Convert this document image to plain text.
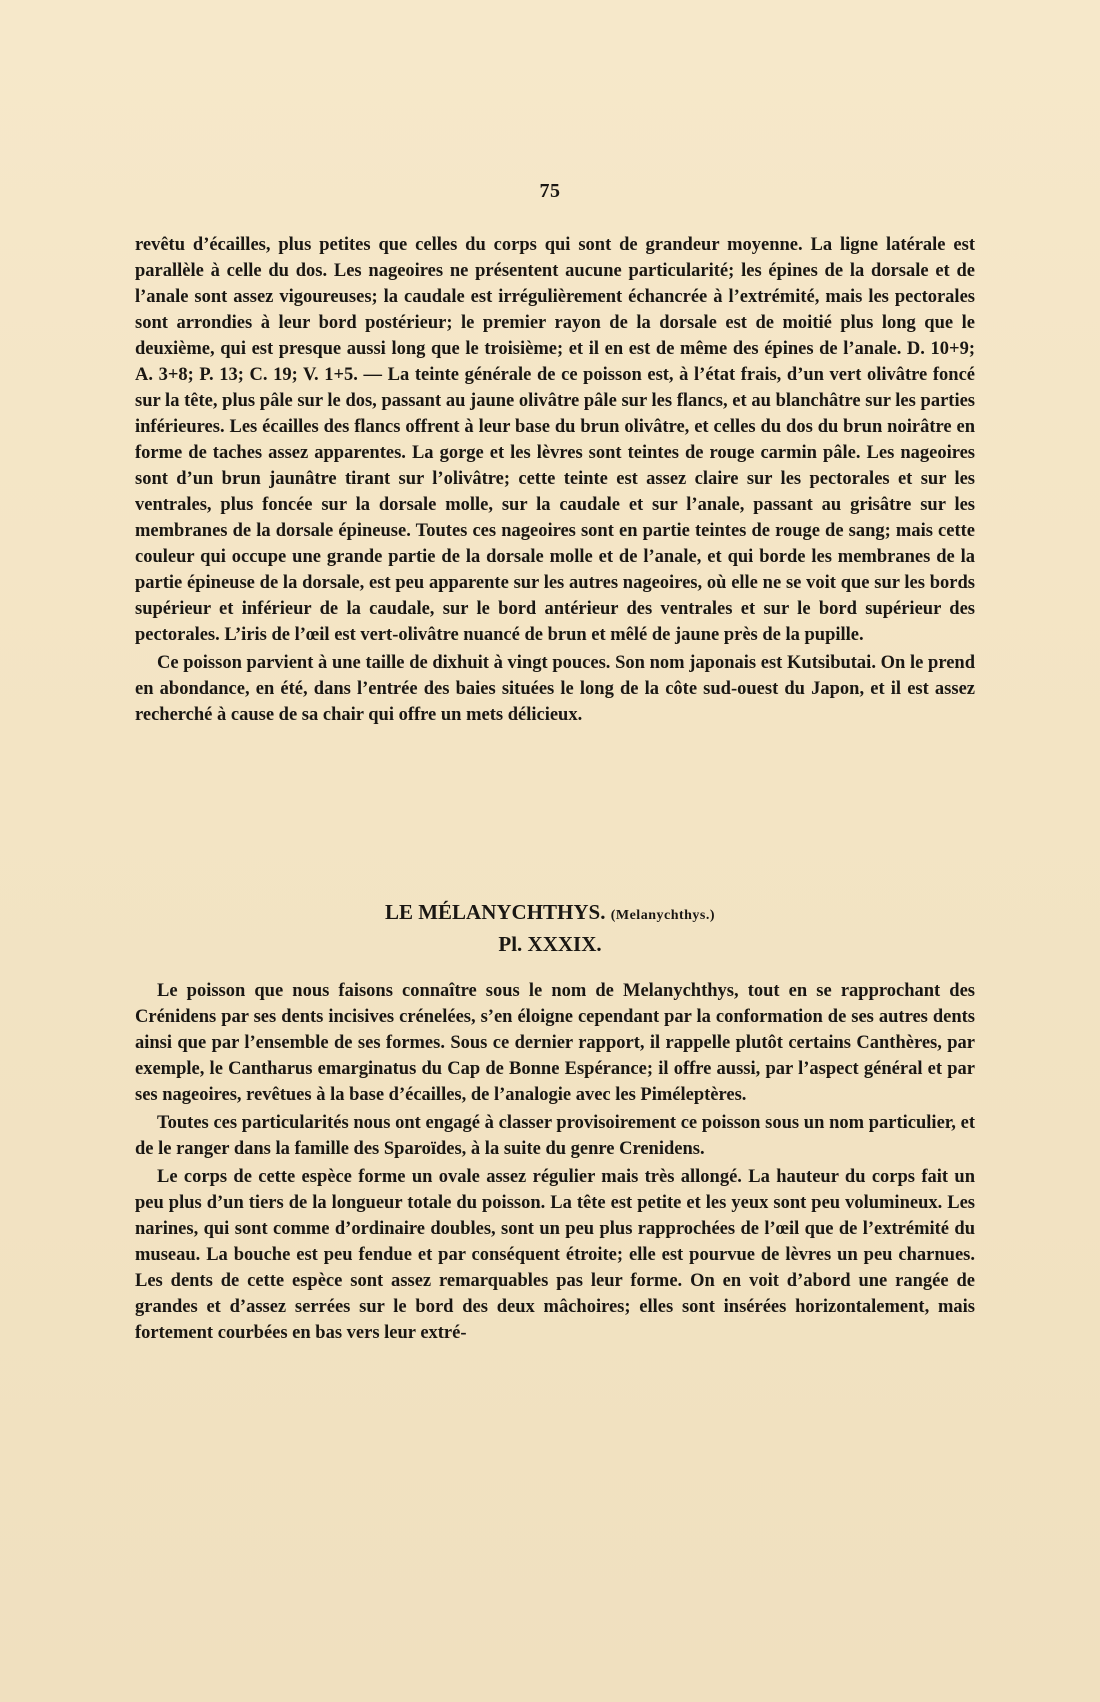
75

revêtu d’écailles, plus petites que celles du corps qui sont de grandeur moyenne. La ligne latérale est parallèle à celle du dos. Les nageoires ne présentent aucune particularité; les épines de la dorsale et de l’anale sont assez vigoureuses; la caudale est irrégulièrement échancrée à l’extrémité, mais les pectorales sont arrondies à leur bord postérieur; le premier rayon de la dorsale est de moitié plus long que le deuxième, qui est presque aussi long que le troisième; et il en est de même des épines de l’anale. D. 10+9; A. 3+8; P. 13; C. 19; V. 1+5. — La teinte générale de ce poisson est, à l’état frais, d’un vert olivâtre foncé sur la tête, plus pâle sur le dos, passant au jaune olivâtre pâle sur les flancs, et au blanchâtre sur les parties inférieures. Les écailles des flancs offrent à leur base du brun olivâtre, et celles du dos du brun noirâtre en forme de taches assez apparentes. La gorge et les lèvres sont teintes de rouge carmin pâle. Les nageoires sont d’un brun jaunâtre tirant sur l’olivâtre; cette teinte est assez claire sur les pectorales et sur les ventrales, plus foncée sur la dorsale molle, sur la caudale et sur l’anale, passant au grisâtre sur les membranes de la dorsale épineuse. Toutes ces nageoires sont en partie teintes de rouge de sang; mais cette couleur qui occupe une grande partie de la dorsale molle et de l’anale, et qui borde les membranes de la partie épineuse de la dorsale, est peu apparente sur les autres nageoires, où elle ne se voit que sur les bords supérieur et inférieur de la caudale, sur le bord antérieur des ventrales et sur le bord supérieur des pectorales. L’iris de l’œil est vert-olivâtre nuancé de brun et mêlé de jaune près de la pupille.

Ce poisson parvient à une taille de dixhuit à vingt pouces. Son nom japonais est Kutsibutai. On le prend en abondance, en été, dans l’entrée des baies situées le long de la côte sud-ouest du Japon, et il est assez recherché à cause de sa chair qui offre un mets délicieux.

LE MÉLANYCHTHYS. (Melanychthys.)
Pl. XXXIX.

Le poisson que nous faisons connaître sous le nom de Melanychthys, tout en se rapprochant des Crénidens par ses dents incisives crénelées, s’en éloigne cependant par la conformation de ses autres dents ainsi que par l’ensemble de ses formes. Sous ce dernier rapport, il rappelle plutôt certains Canthères, par exemple, le Cantharus emarginatus du Cap de Bonne Espérance; il offre aussi, par l’aspect général et par ses nageoires, revêtues à la base d’écailles, de l’analogie avec les Piméleptères.

Toutes ces particularités nous ont engagé à classer provisoirement ce poisson sous un nom particulier, et de le ranger dans la famille des Sparoïdes, à la suite du genre Crenidens.

Le corps de cette espèce forme un ovale assez régulier mais très allongé. La hauteur du corps fait un peu plus d’un tiers de la longueur totale du poisson. La tête est petite et les yeux sont peu volumineux. Les narines, qui sont comme d’ordinaire doubles, sont un peu plus rapprochées de l’œil que de l’extrémité du museau. La bouche est peu fendue et par conséquent étroite; elle est pourvue de lèvres un peu charnues. Les dents de cette espèce sont assez remarquables pas leur forme. On en voit d’abord une rangée de grandes et d’assez serrées sur le bord des deux mâchoires; elles sont insérées horizontalement, mais fortement courbées en bas vers leur extré-
